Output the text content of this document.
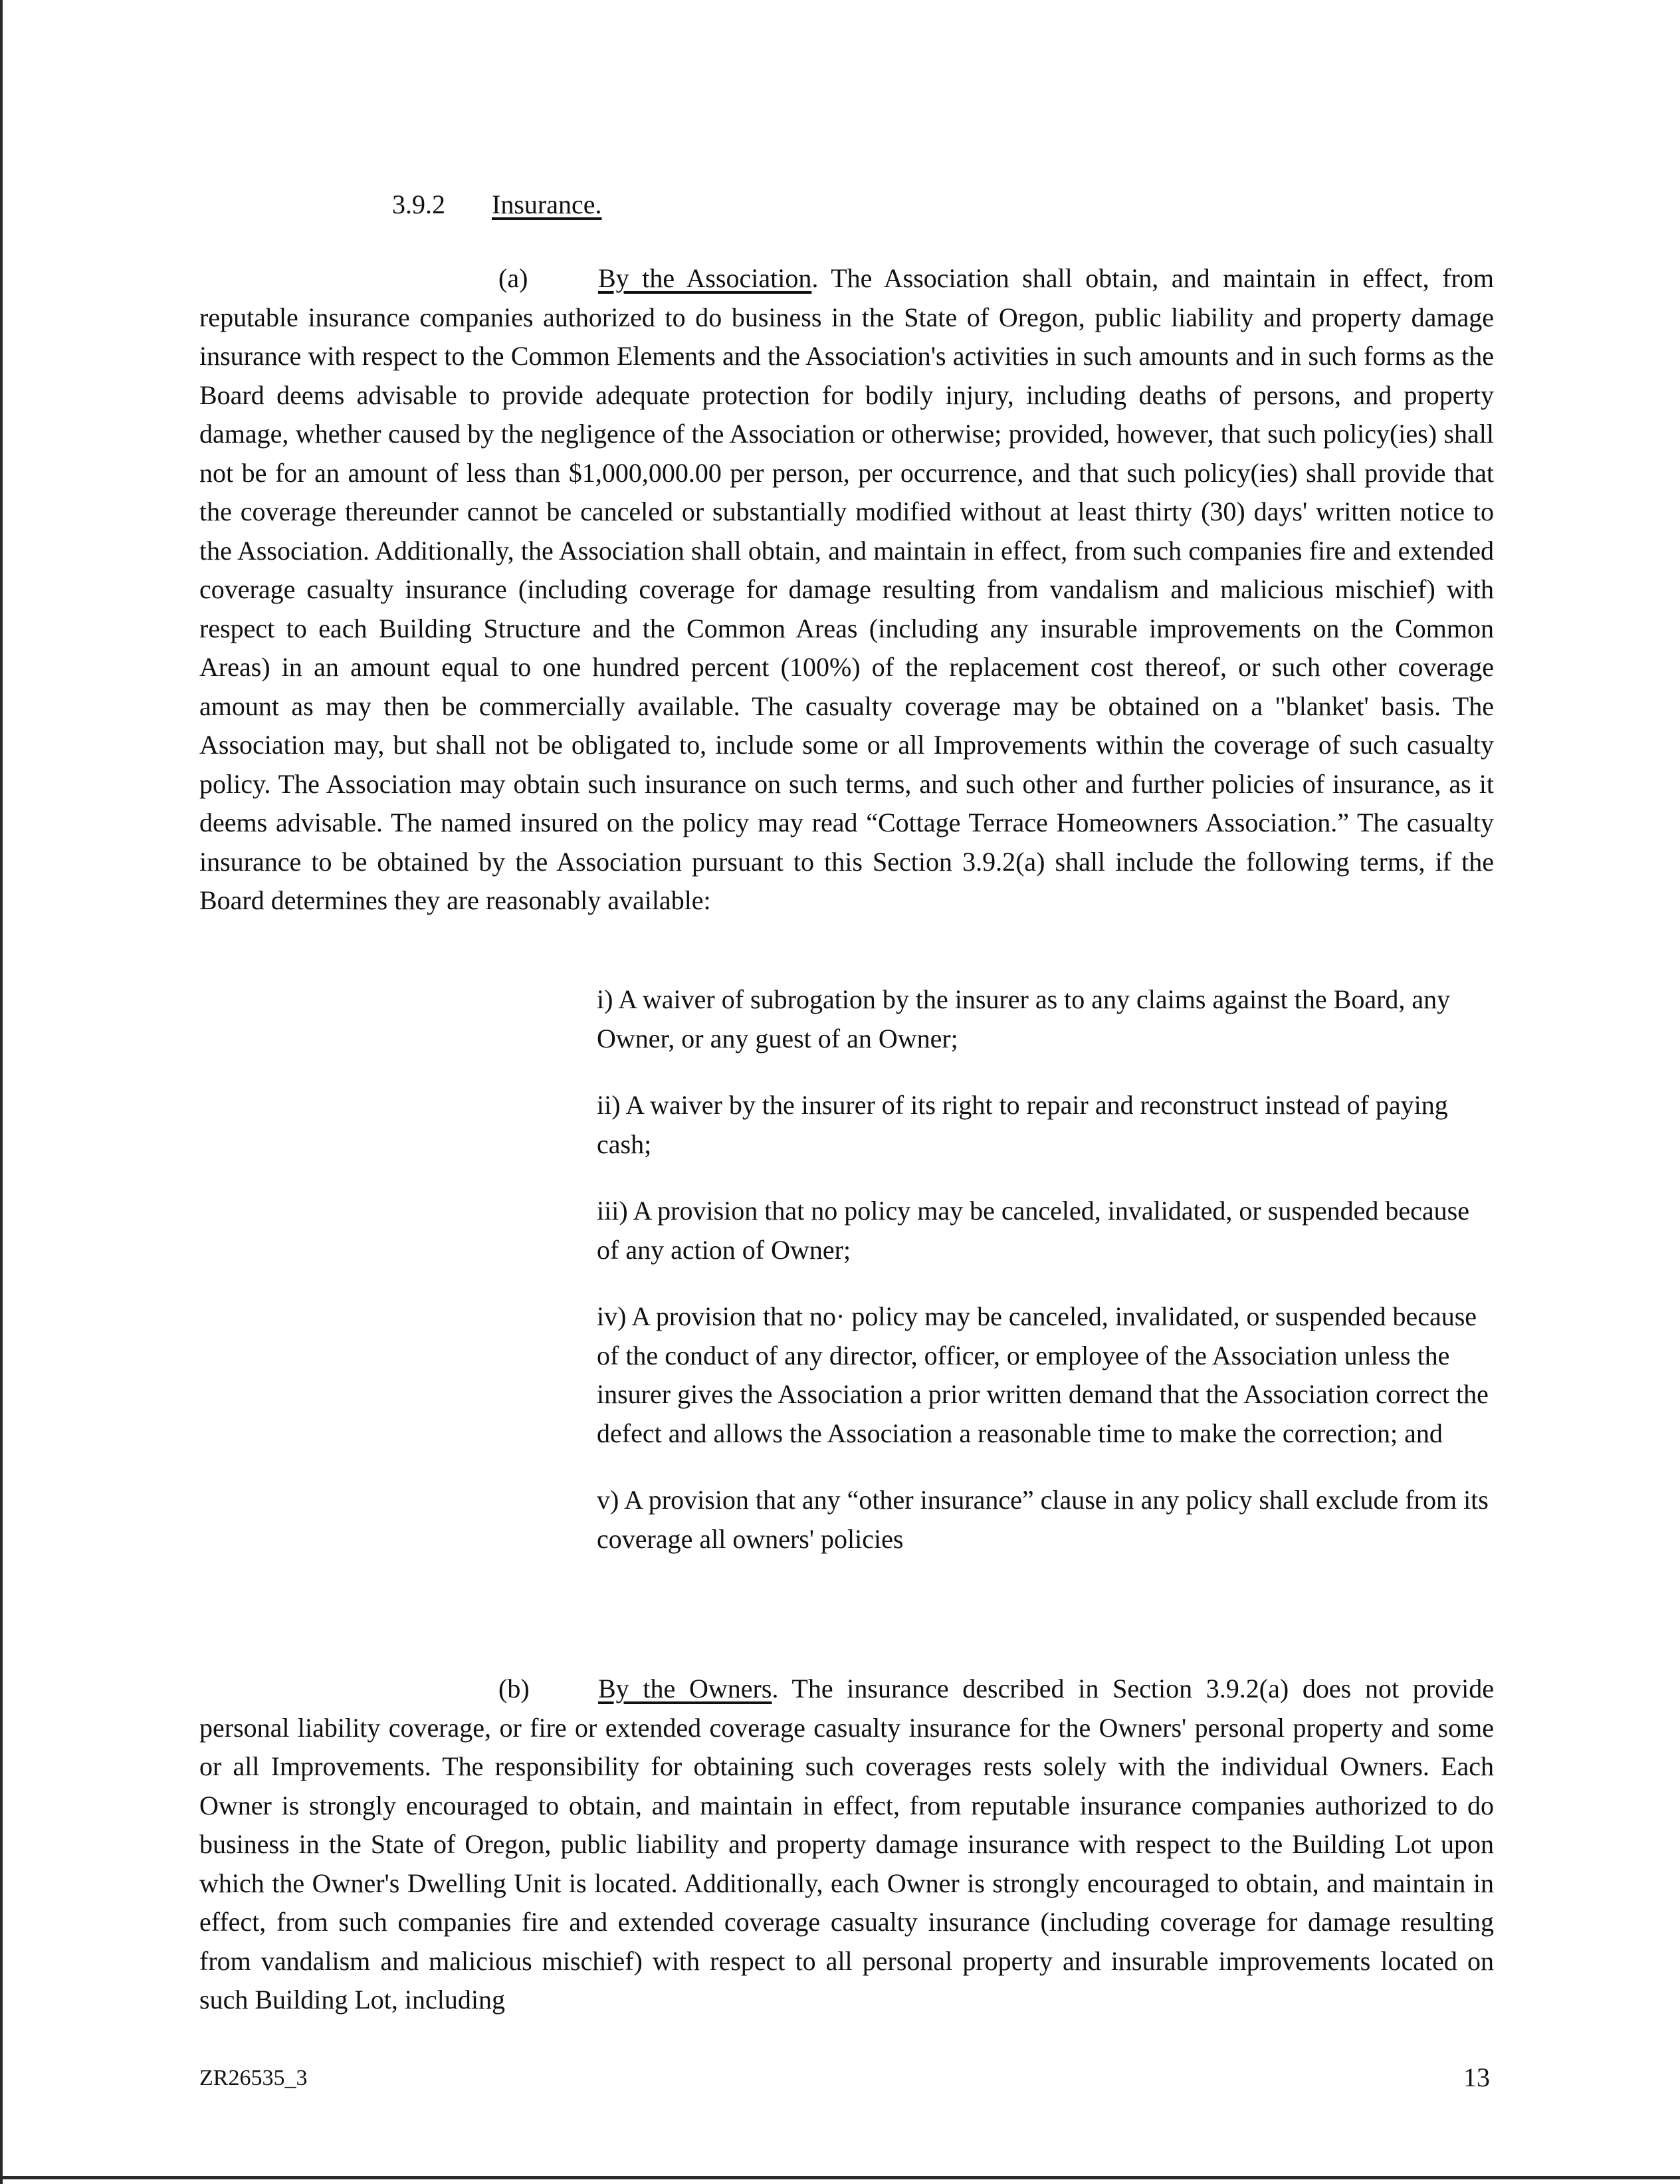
3.9.2 Insurance.
(a)	By the Association. The Association shall obtain, and maintain in effect, from reputable insurance companies authorized to do business in the State of Oregon, public liability and property damage insurance with respect to the Common Elements and the Association's activities in such amounts and in such forms as the Board deems advisable to provide adequate protection for bodily injury, including deaths of persons, and property damage, whether caused by the negligence of the Association or otherwise; provided, however, that such policy(ies) shall not be for an amount of less than $1,000,000.00 per person, per occurrence, and that such policy(ies) shall provide that the coverage thereunder cannot be canceled or substantially modified without at least thirty (30) days' written notice to the Association. Additionally, the Association shall obtain, and maintain in effect, from such companies fire and extended coverage casualty insurance (including coverage for damage resulting from vandalism and malicious mischief) with respect to each Building Structure and the Common Areas (including any insurable improvements on the Common Areas) in an amount equal to one hundred percent (100%) of the replacement cost thereof, or such other coverage amount as may then be commercially available. The casualty coverage may be obtained on a "blanket' basis. The Association may, but shall not be obligated to, include some or all Improvements within the coverage of such casualty policy. The Association may obtain such insurance on such terms, and such other and further policies of insurance, as it deems advisable. The named insured on the policy may read “Cottage Terrace Homeowners Association.” The casualty insurance to be obtained by the Association pursuant to this Section 3.9.2(a) shall include the following terms, if the Board determines they are reasonably available:

i) A waiver of subrogation by the insurer as to any claims against the Board, any Owner, or any guest of an Owner;

ii) A waiver by the insurer of its right to repair and reconstruct instead of paying cash;

iii) A provision that no policy may be canceled, invalidated, or suspended because of any action of Owner;

iv) A provision that no· policy may be canceled, invalidated, or suspended because of the conduct of any director, officer, or employee of the Association unless the insurer gives the Association a prior written demand that the Association correct the defect and allows the Association a reasonable time to make the correction; and

v) A provision that any “other insurance” clause in any policy shall exclude from its coverage all owners' policies

(b)	By the Owners. The insurance described in Section 3.9.2(a) does not provide personal liability coverage, or fire or extended coverage casualty insurance for the Owners' personal property and some or all Improvements. The responsibility for obtaining such coverages rests solely with the individual Owners. Each Owner is strongly encouraged to obtain, and maintain in effect, from reputable insurance companies authorized to do business in the State of Oregon, public liability and property damage insurance with respect to the Building Lot upon which the Owner's Dwelling Unit is located. Additionally, each Owner is strongly encouraged to obtain, and maintain in effect, from such companies fire and extended coverage casualty insurance (including coverage for damage resulting from vandalism and malicious mischief) with respect to all personal property and insurable improvements located on such Building Lot, including
ZR26535_3	13
